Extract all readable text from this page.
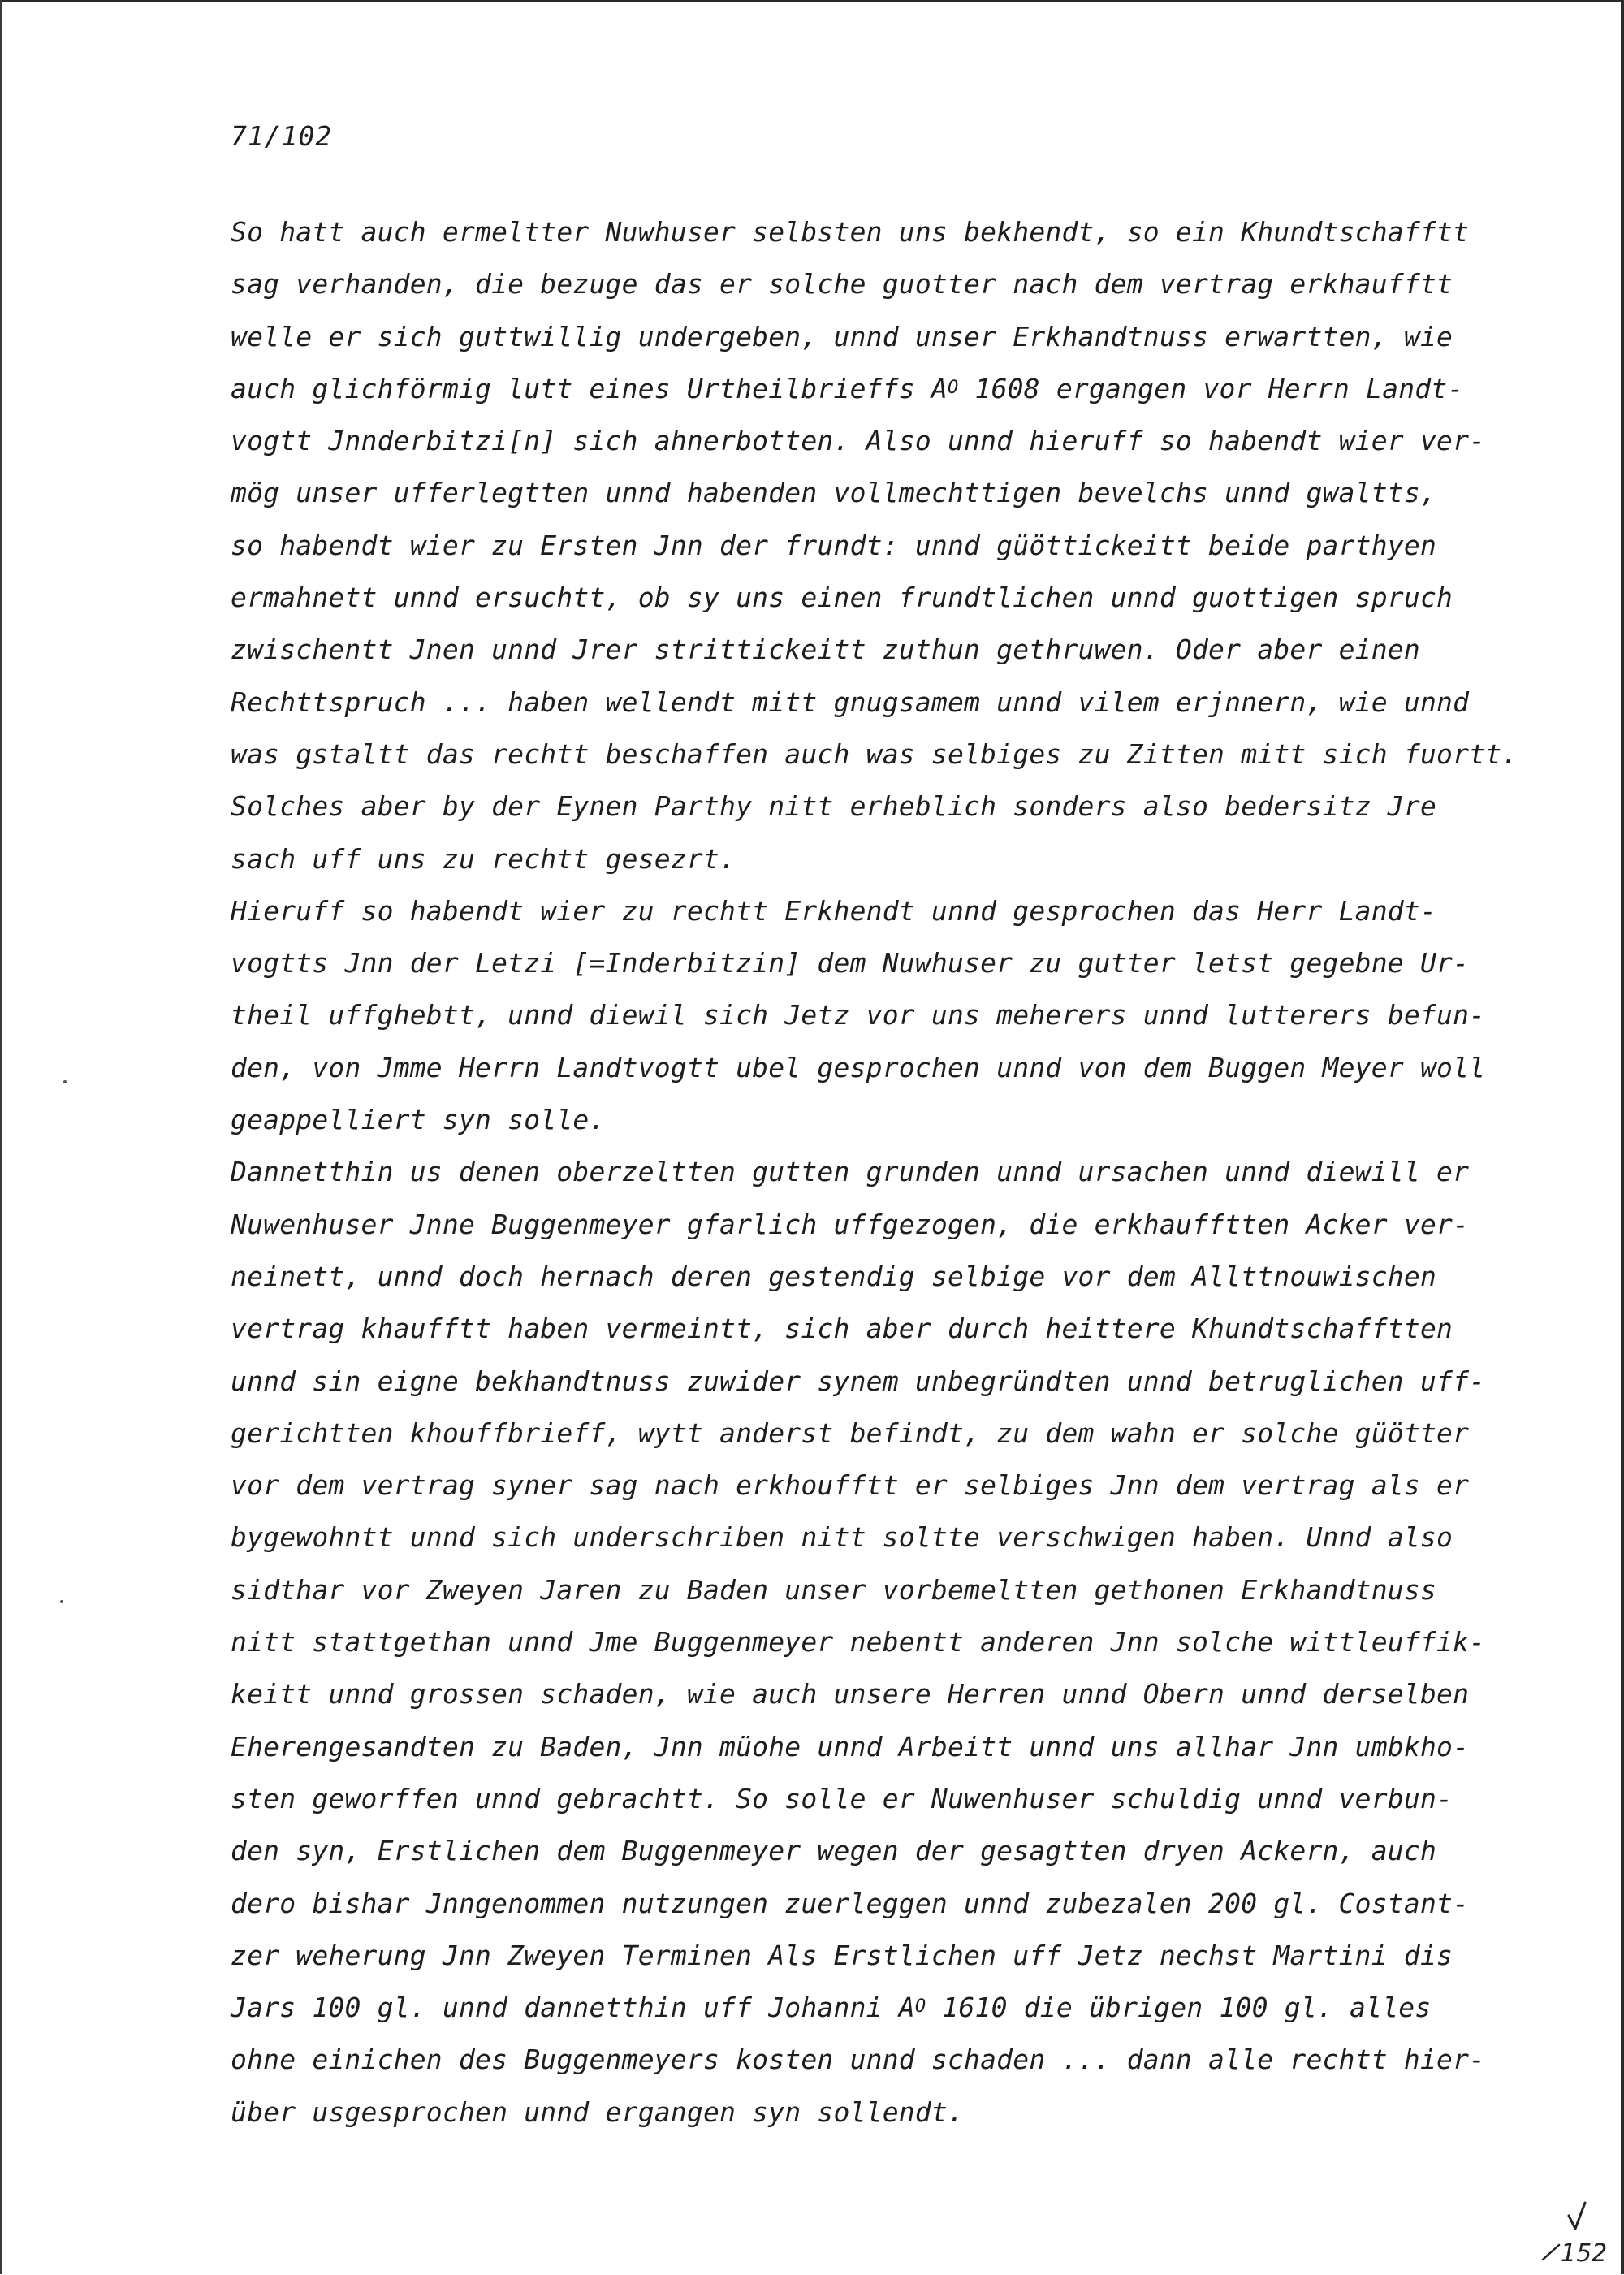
71/102
So hatt auch ermeltter Nuwhuser selbsten uns bekhendt, so ein Khundtschafftt
sag verhanden, die bezuge das er solche guotter nach dem vertrag erkhaufftt
welle er sich guttwillig undergeben, unnd unser Erkhandtnuss erwartten, wie
auch glichförmig lutt eines Urtheilbrieffs $A^O$ 1608 ergangen vor Herrn Landt-
vogtt Jnnderbitzi[n] sich ahnerbotten. Also unnd hieruff so habendt wier ver-
mög unser ufferlegtten unnd habenden vollmechttigen bevelchs unnd gwaltts,
so habendt wier zu Ersten Jnn der frundt: unnd güöttickeitt beide parthyen
ermahnett unnd ersuchtt, ob sy uns einen frundtlichen unnd guottigen spruch
zwischentt Jnen unnd Jrer strittickeitt zuthun gethruwen. Oder aber einen
Rechttspruch ... haben wellendt mitt gnugsamem unnd vilem erjnnern, wie unnd
was gstaltt das rechtt beschaffen auch was selbiges zu Zitten mitt sich fuortt.
Solches aber by der Eynen Parthy nitt erheblich sonders also bedersitz Jre
sach uff uns zu rechtt gesezrt.
Hieruff so habendt wier zu rechtt Erkhendt unnd gesprochen das Herr Landt-
vogtts Jnn der Letzi [=Inderbitzin] dem Nuwhuser zu gutter letst gegebne Ur-
theil uffghebtt, unnd diewil sich Jetz vor uns meherers unnd lutterers befun-
den, von Jmme Herrn Landtvogtt ubel gesprochen unnd von dem Buggen Meyer woll
geappelliert syn solle.
Dannetthin us denen oberzeltten gutten grunden unnd ursachen unnd diewill er
Nuwenhuser Jnne Buggenmeyer gfarlich uffgezogen, die erkhaufftten Acker ver-
neinett, unnd doch hernach deren gestendig selbige vor dem Allttnouwischen
vertrag khaufftt haben vermeintt, sich aber durch heittere Khundtschafftten
unnd sin eigne bekhandtnuss zuwider synem unbegründten unnd betruglichen uff-
gerichtten khouffbrieff, wytt anderst befindt, zu dem wahn er solche güötter
vor dem vertrag syner sag nach erkhoufftt er selbiges Jnn dem vertrag als er
bygewohntt unnd sich underschriben nitt soltte verschwigen haben. Unnd also
sidthar vor Zweyen Jaren zu Baden unser vorbemeltten gethonen Erkhandtnuss
nitt stattgethan unnd Jme Buggenmeyer nebentt anderen Jnn solche wittleuffik-
keitt unnd grossen schaden, wie auch unsere Herren unnd Obern unnd derselben
Eherengesandten zu Baden, Jnn müohe unnd Arbeitt unnd uns allhar Jnn umbkho-
sten geworffen unnd gebrachtt. So solle er Nuwenhuser schuldig unnd verbun-
den syn, Erstlichen dem Buggenmeyer wegen der gesagtten dryen Ackern, auch
dero bishar Jnngenommen nutzungen zuerleggen unnd zubezalen 200 gl. Costant-
zer weherung Jnn Zweyen Terminen Als Erstlichen uff Jetz nechst Martini dis
Jars 100 gl. unnd dannetthin uff Johanni $A^O$ 1610 die übrigen 100 gl. alles
ohne einichen des Buggenmeyers kosten unnd schaden ... dann alle rechtt hier-
über usgesprochen unnd ergangen syn sollendt.
152
